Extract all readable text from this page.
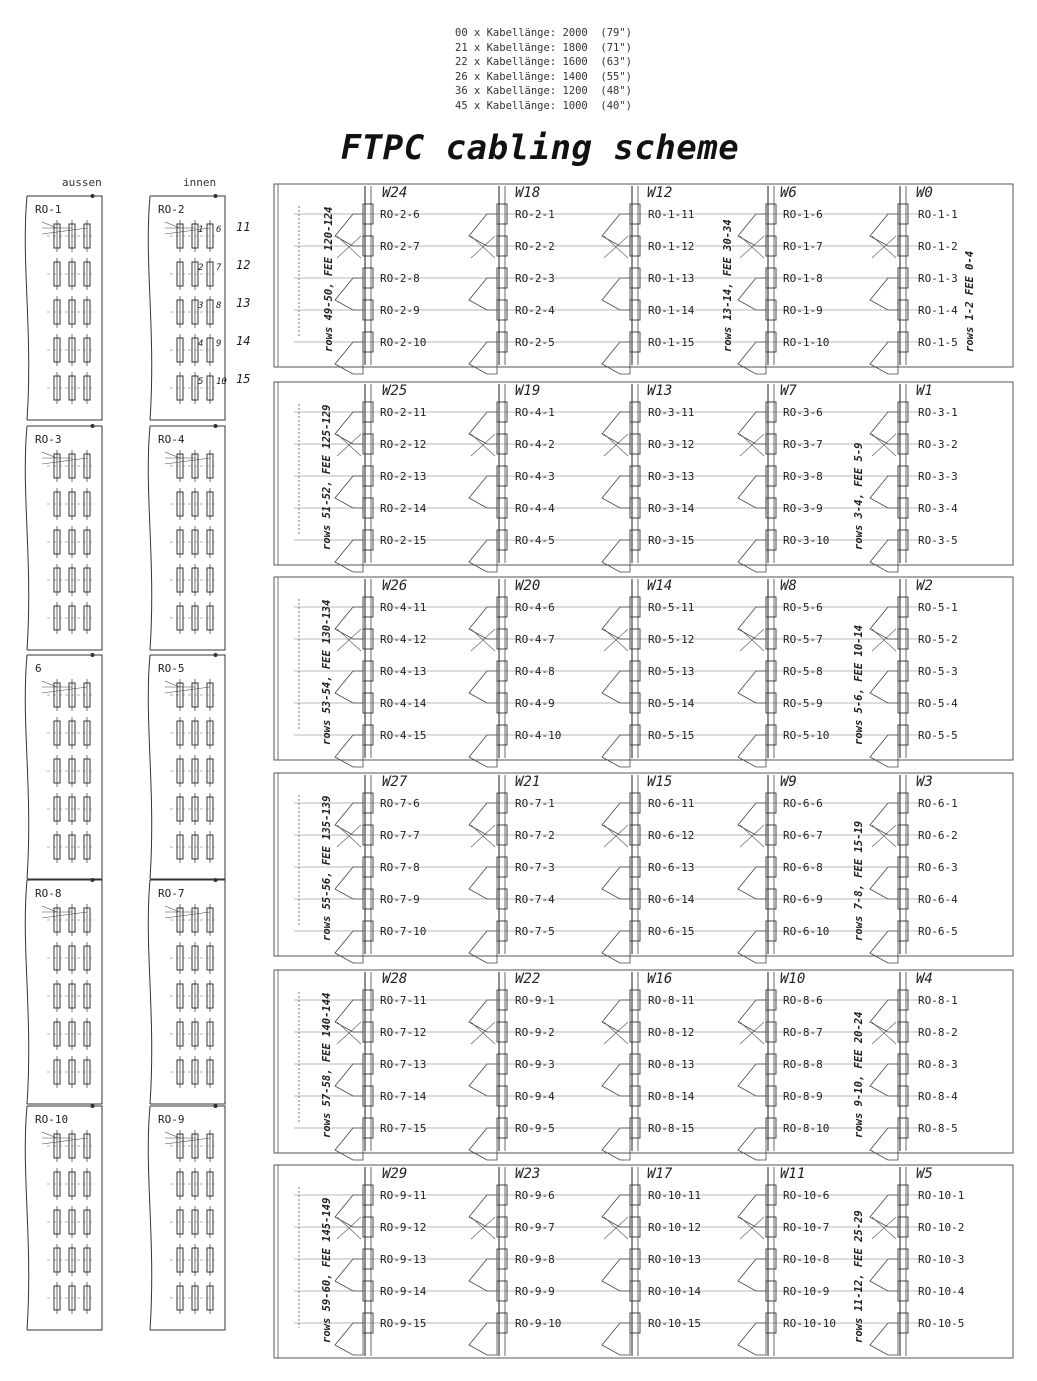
00 x Kabellänge: 2000  (79")
21 x Kabellänge: 1800  (71")
22 x Kabellänge: 1600  (63")
26 x Kabellänge: 1400  (55")
36 x Kabellänge: 1200  (48")
45 x Kabellänge: 1000  (40")
FTPC cabling scheme
aussen	innen
RO-1
RO-3
6
RO-8
RO-10
RO-2
RO-4
RO-5
RO-7
RO-9
11
12
13
14
15
1 6
2 7
3 8
4 9
5 10
RO-2-6
RO-2-7
RO-2-8
RO-2-9
RO-2-10
W24
RO-2-1
RO-2-2
RO-2-3
RO-2-4
RO-2-5
W18
RO-1-11
RO-1-12
RO-1-13
RO-1-14
RO-1-15
W12
RO-1-6
RO-1-7
RO-1-8
RO-1-9
RO-1-10
W6
RO-1-1
RO-1-2
RO-1-3
RO-1-4
RO-1-5
W0
rows 49-50, FEE 120-124	rows 13-14, FEE 30-34	rows 1-2 FEE 0-4
RO-2-11
RO-2-12
RO-2-13
RO-2-14
RO-2-15
W25
RO-4-1
RO-4-2
RO-4-3
RO-4-4
RO-4-5
W19
RO-3-11
RO-3-12
RO-3-13
RO-3-14
RO-3-15
W13
RO-3-6
RO-3-7
RO-3-8
RO-3-9
RO-3-10
W7
RO-3-1
RO-3-2
RO-3-3
RO-3-4
RO-3-5
W1
rows 51-52, FEE 125-129	rows 3-4, FEE 5-9
RO-4-11
RO-4-12
RO-4-13
RO-4-14
RO-4-15
W26
RO-4-6
RO-4-7
RO-4-8
RO-4-9
RO-4-10
W20
RO-5-11
RO-5-12
RO-5-13
RO-5-14
RO-5-15
W14
RO-5-6
RO-5-7
RO-5-8
RO-5-9
RO-5-10
W8
RO-5-1
RO-5-2
RO-5-3
RO-5-4
RO-5-5
W2
rows 53-54, FEE 130-134	rows 5-6, FEE 10-14
RO-7-6
RO-7-7
RO-7-8
RO-7-9
RO-7-10
W27
RO-7-1
RO-7-2
RO-7-3
RO-7-4
RO-7-5
W21
RO-6-11
RO-6-12
RO-6-13
RO-6-14
RO-6-15
W15
RO-6-6
RO-6-7
RO-6-8
RO-6-9
RO-6-10
W9
RO-6-1
RO-6-2
RO-6-3
RO-6-4
RO-6-5
W3
rows 55-56, FEE 135-139	rows 7-8, FEE 15-19
RO-7-11
RO-7-12
RO-7-13
RO-7-14
RO-7-15
W28
RO-9-1
RO-9-2
RO-9-3
RO-9-4
RO-9-5
W22
RO-8-11
RO-8-12
RO-8-13
RO-8-14
RO-8-15
W16
RO-8-6
RO-8-7
RO-8-8
RO-8-9
RO-8-10
W10
RO-8-1
RO-8-2
RO-8-3
RO-8-4
RO-8-5
W4
rows 57-58, FEE 140-144	rows 9-10, FEE 20-24
RO-9-11
RO-9-12
RO-9-13
RO-9-14
RO-9-15
W29
RO-9-6
RO-9-7
RO-9-8
RO-9-9
RO-9-10
W23
RO-10-11
RO-10-12
RO-10-13
RO-10-14
RO-10-15
W17
RO-10-6
RO-10-7
RO-10-8
RO-10-9
RO-10-10
W11
RO-10-1
RO-10-2
RO-10-3
RO-10-4
RO-10-5
W5
rows 59-60, FEE 145-149	rows 11-12, FEE 25-29
